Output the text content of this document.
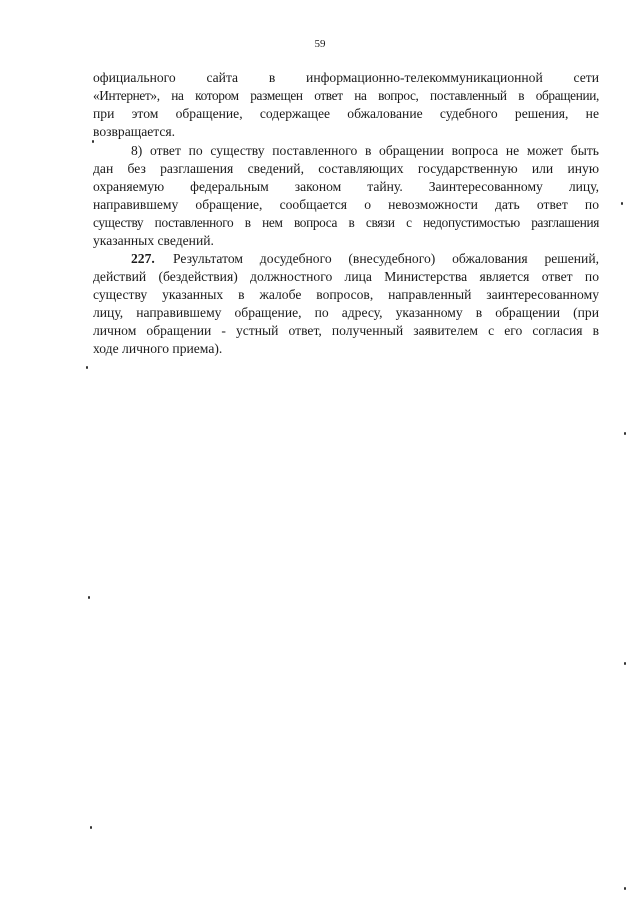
59
официального сайта в информационно-телекоммуникационной сети
«Интернет», на котором размещен ответ на вопрос, поставленный в обращении,
при этом обращение, содержащее обжалование судебного решения, не
возвращается.
8) ответ по существу поставленного в обращении вопроса не может быть
дан без разглашения сведений, составляющих государственную или иную
охраняемую федеральным законом тайну. Заинтересованному лицу,
направившему обращение, сообщается о невозможности дать ответ по
существу поставленного в нем вопроса в связи с недопустимостью разглашения
указанных сведений.
227. Результатом досудебного (внесудебного) обжалования решений,
действий (бездействия) должностного лица Министерства является ответ по
существу указанных в жалобе вопросов, направленный заинтересованному
лицу, направившему обращение, по адресу, указанному в обращении (при
личном обращении - устный ответ, полученный заявителем с его согласия в
ходе личного приема).
